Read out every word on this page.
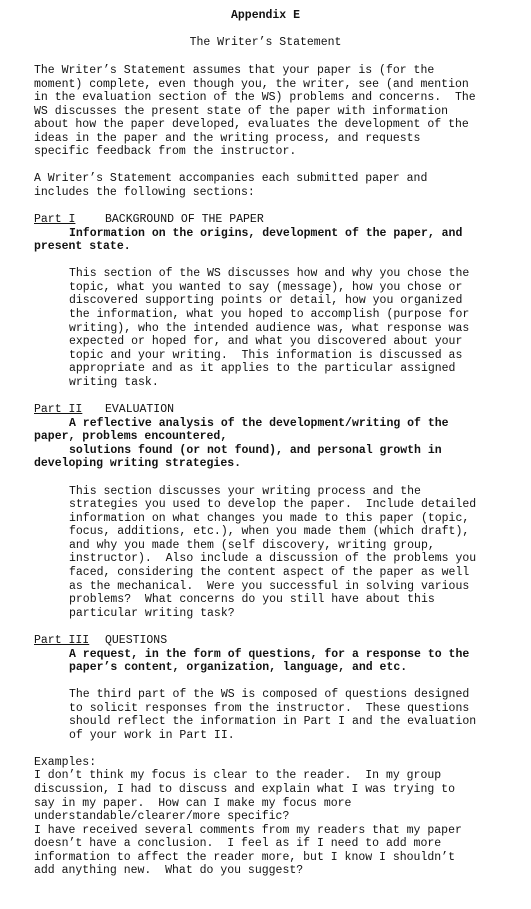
Appendix E
The Writer’s Statement
The Writer’s Statement assumes that your paper is (for the
moment) complete, even though you, the writer, see (and mention
in the evaluation section of the WS) problems and concerns.  The
WS discusses the present state of the paper with information
about how the paper developed, evaluates the development of the
ideas in the paper and the writing process, and requests
specific feedback from the instructor.
A Writer’s Statement accompanies each submitted paper and
includes the following sections:
Part I	BACKGROUND OF THE PAPER
Information on the origins, development of the paper, and
present state.
This section of the WS discusses how and why you chose the
topic, what you wanted to say (message), how you chose or
discovered supporting points or detail, how you organized
the information, what you hoped to accomplish (purpose for
writing), who the intended audience was, what response was
expected or hoped for, and what you discovered about your
topic and your writing.  This information is discussed as
appropriate and as it applies to the particular assigned
writing task.
Part II EVALUATION
A reflective analysis of the development/writing of the
paper, problems encountered,
solutions found (or not found), and personal growth in
developing writing strategies.
This section discusses your writing process and the
strategies you used to develop the paper.  Include detailed
information on what changes you made to this paper (topic,
focus, additions, etc.), when you made them (which draft),
and why you made them (self discovery, writing group,
instructor).  Also include a discussion of the problems you
faced, considering the content aspect of the paper as well
as the mechanical.  Were you successful in solving various
problems?  What concerns do you still have about this
particular writing task?
Part III QUESTIONS
A request, in the form of questions, for a response to the
paper’s content, organization, language, and etc.
The third part of the WS is composed of questions designed
to solicit responses from the instructor.  These questions
should reflect the information in Part I and the evaluation
of your work in Part II.
Examples:
I don’t think my focus is clear to the reader.  In my group
discussion, I had to discuss and explain what I was trying to
say in my paper.  How can I make my focus more
understandable/clearer/more specific?
I have received several comments from my readers that my paper
doesn’t have a conclusion.  I feel as if I need to add more
information to affect the reader more, but I know I shouldn’t
add anything new.  What do you suggest?
